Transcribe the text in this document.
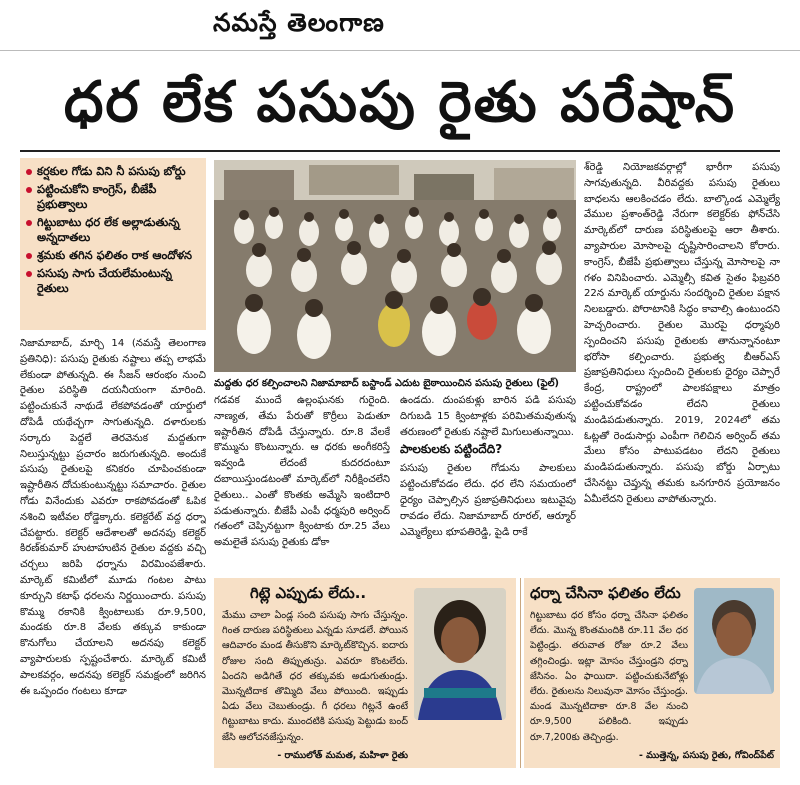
నమస్తే తెలంగాణ
ధర లేక పసుపు రైతు పరేషాన్
కర్షకుల గోడు విని నీ పసుపు బోర్డు
పట్టించుకోని కాంగ్రెస్, బీజేపీ ప్రభుత్వాలు
గిట్టుబాటు ధర లేక అల్లాడుతున్న అన్నదాతలు
శ్రమకు తగిన ఫలితం రాక ఆందోళన
పసుపు సాగు చేయలేమంటున్న రైతులు
నిజామాబాద్, మార్చి 14 (నమస్తే తెలంగాణ ప్రతినిధి): పసుపు రైతుకు నష్టాలు తప్ప లాభమే లేకుండా పోతున్నది. ఈ సీజన్ ఆరంభం నుంచి రైతుల పరిస్థితి దయనీయంగా మారింది. పట్టించుకునే నాథుడే లేకపోవడంతో యార్డులో దోపిడీ యథేచ్ఛగా సాగుతున్నది. దళారులకు సర్కారు పెద్దలే తెరవెనుక మద్దతుగా నిలుస్తున్నట్టు ప్రచారం జరుగుతున్నది. అందుకే పసుపు రైతులపై కనికరం చూపించకుండా ఇష్టారీతిన దోచుకుంటున్నట్టు సమాచారం. రైతుల గోడు వినేందుకు ఎవరూ రాకపోవడంతో ఓపిక నశించి ఇటీవల రోడ్డెక్కారు. కలెక్టరేట్ వద్ద ధర్నా చేపట్టారు. కలెక్టర్ ఆదేశాలతో అదనపు కలెక్టర్ కిరణ్‌కుమార్ హుటాహుటిన రైతుల వద్దకు వచ్చి చర్చలు జరిపి ధర్నాను విరమింపజేశారు. మార్కెట్ కమిటీలో మూడు గంటల పాటు కూర్చుని కటాఫ్ ధరలను నిర్ణయించారు. పసుపు కొమ్ము రకానికి క్వింటాలుకు రూ.9,500, మండకు రూ.8 వేలకు తక్కువ కాకుండా కొనుగోలు చేయాలని అదనపు కలెక్టర్ వ్యాపారులకు స్పష్టంచేశారు. మార్కెట్ కమిటీ పాలకవర్గం, అదనపు కలెక్టర్ సమక్షంలో జరిగిన ఈ ఒప్పందం గంటలు కూడా
మద్దతు ధర కల్పించాలని నిజామాబాద్ బస్టాండ్ ఎదుట బైఠాయించిన పసుపు రైతులు (ఫైల్)
గడవక ముందే ఉల్లంఘనకు గురైంది. నాణ్యత, తేమ పేరుతో కొర్రీలు పెడుతూ ఇష్టారీతిన దోపిడీ చేస్తున్నారు. రూ.8 వేలకే కొమ్మును కొంటున్నారు. ఆ ధరకు అంగీకరిస్తే ఇవ్వండి లేదంటే కుదరదంటూ దబాయిస్తుండటంతో మార్కెట్‌లో నిరీక్షించలేని రైతులు.. ఎంతో కొంతకు అమ్మేసి ఇంటిదారి పడుతున్నారు. బీజేపీ ఎంపీ ధర్మపురి అర్వింద్ గతంలో చెప్పినట్టుగా క్వింటాకు రూ.25 వేలు అమలైతే పసుపు రైతుకు డోకా
ఉండదు. దుంపకుళ్లు బారిన పడి పసుపు దిగుబడి 15 క్వింటాళ్లకు పరిమితమవుతున్న తరుణంలో రైతుకు నష్టాలే మిగులుతున్నాయి.
పాలకులకు పట్టిందేది?
పసుపు రైతుల గోడును పాలకులు పట్టించుకోవడం లేదు. ధర లేని సమయంలో ధైర్యం చెప్పాల్సిన ప్రజాప్రతినిధులు ఇటువైపు రావడం లేదు. నిజామాబాద్ రూరల్, ఆర్మూర్ ఎమ్మెల్యేలు భూపతిరెడ్డి, పైడి రాకే
శ్‌రెడ్డి నియోజకవర్గాల్లో భారీగా పసుపు సాగవుతున్నది. వీరివద్దకు పసుపు రైతులు బాధలను ఆలకించడం లేదు. బాల్కొండ ఎమ్మెల్యే వేముల ప్రశాంత్‌రెడ్డి నేరుగా కలెక్టర్‌కు ఫోన్‌చేసి మార్కెట్‌లో దారుణ పరిస్థితులపై ఆరా తీశారు. వ్యాపారుల మోసాలపై దృష్టిసారించాలని కోరారు. కాంగ్రెస్, బీజేపీ ప్రభుత్వాలు చేస్తున్న మోసాలపై నా గళం వినిపించారు. ఎమ్మెల్సీ కవిత సైతం ఫిబ్రవరి 22న మార్కెట్ యార్డును సందర్శించి రైతుల పక్షాన నిలబడ్డారు. పోరాటానికి సిద్ధం కావాల్సి ఉంటుందని హెచ్చరించారు. రైతుల మొరపై ధర్మాపురి స్పందించని పసుపు రైతులకు తానున్నానంటూ భరోసా కల్పించారు. ప్రభుత్వ బీఆర్ఎస్ ప్రజాప్రతినిధులు స్పందించి రైతులకు ధైర్యం చెప్పారే కేంద్ర, రాష్ట్రంలో పాలకపక్షాలు మాత్రం పట్టించుకోవడం లేదని రైతులు మండిపడుతున్నారు. 2019, 2024లో తమ ఓట్లతో రెండుసార్లు ఎంపీగా గెలిచిన అర్వింద్ తమ మేలు కోసం పాటుపడటం లేదని రైతులు మండిపడుతున్నారు. పసుపు బోర్డు ఏర్పాటు చేసినట్టు చెప్తున్న తమకు ఒనగూరిన ప్రయోజనం ఏమీలేదని రైతులు వాపోతున్నారు.
గిట్లె ఎప్పుడు లేదు..
మేము చాలా ఏండ్ల సంది పసుపు సాగు చేస్తున్నం. గింత దారుణ పరిస్థితులు ఎన్నడు సూడలే. పోయిన ఆదివారం మండ తీసుకొని మార్కెట్‌కొచ్చిన. ఐదారు రోజుల సంది తిప్పుతున్రు. ఎవరూ కొంటలేరు. ఏందని అడిగితే ధర తక్కువకు అడుగుతుండ్రు. మొన్నటిదాక తొమ్మిది వేలు పోయింది. ఇప్పుడు ఏడు వేలు చెబుతుండ్రు. గీ ధరలు గిట్లనే ఉంటే గిట్టుబాటు కాదు. ముందటికి పసుపు పెట్టుడు బంద్ జేసి ఆలోచనజేస్తున్నం.
- రాములోత్ మమత, మహిళా రైతు
ధర్నా చేసినా ఫలితం లేదు
గిట్టుబాటు ధర కోసం ధర్నా చేసినా ఫలితం లేదు. మొన్న కొంతమందికి రూ.11 వేల ధర పెట్టిండ్రు. తరువాత రోజు రూ.2 వేలు తగ్గించిండ్రు. ఇట్లా మోసం చేస్తుండ్రని ధర్నా జేసినం. ఏం ఫాయిదా. పట్టించుకునేటోళ్లు లేరు. రైతులను నిలువునా మోసం చేస్తుండ్రు. మండ మొన్నటిదాకా రూ.8 వేల నుంచి రూ.9,500 పలికింది. ఇప్పుడు రూ.7,200కు తెచ్చిండ్రు.
- ముత్తెన్న, పసుపు రైతు, గోవింద్‌పేట్
